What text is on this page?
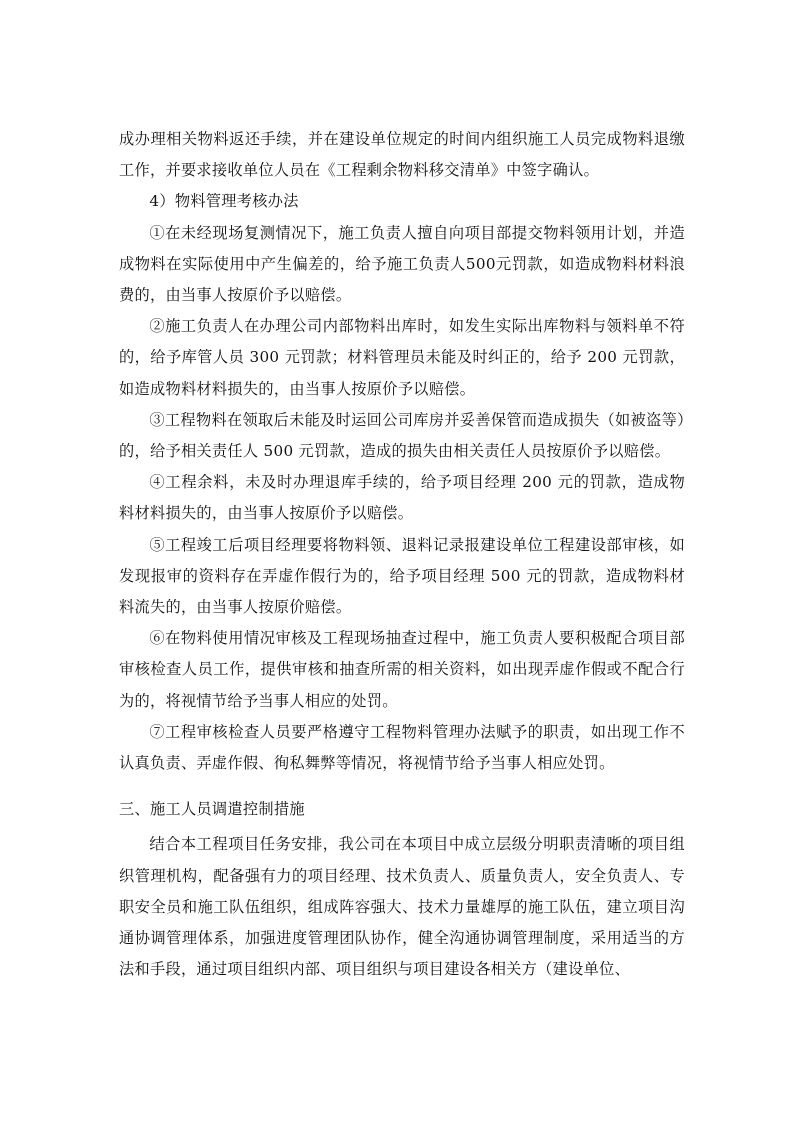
成办理相关物料返还手续，并在建设单位规定的时间内组织施工人员完成物料退缴工作，并要求接收单位人员在《工程剩余物料移交清单》中签字确认。

4）物料管理考核办法

①在未经现场复测情况下，施工负责人擅自向项目部提交物料领用计划，并造成物料在实际使用中产生偏差的，给予施工负责人500元罚款，如造成物料材料浪费的，由当事人按原价予以赔偿。

②施工负责人在办理公司内部物料出库时，如发生实际出库物料与领料单不符的，给予库管人员 300 元罚款；材料管理员未能及时纠正的，给予 200 元罚款，如造成物料材料损失的，由当事人按原价予以赔偿。

③工程物料在领取后未能及时运回公司库房并妥善保管而造成损失（如被盗等）的，给予相关责任人 500 元罚款，造成的损失由相关责任人员按原价予以赔偿。

④工程余料，未及时办理退库手续的，给予项目经理 200 元的罚款，造成物料材料损失的，由当事人按原价予以赔偿。

⑤工程竣工后项目经理要将物料领、退料记录报建设单位工程建设部审核，如发现报审的资料存在弄虚作假行为的，给予项目经理 500 元的罚款，造成物料材料流失的，由当事人按原价赔偿。

⑥在物料使用情况审核及工程现场抽查过程中，施工负责人要积极配合项目部审核检查人员工作，提供审核和抽查所需的相关资料，如出现弄虚作假或不配合行为的，将视情节给予当事人相应的处罚。

⑦工程审核检查人员要严格遵守工程物料管理办法赋予的职责，如出现工作不认真负责、弄虚作假、徇私舞弊等情况，将视情节给予当事人相应处罚。

三、施工人员调遣控制措施

结合本工程项目任务安排，我公司在本项目中成立层级分明职责清晰的项目组织管理机构，配备强有力的项目经理、技术负责人、质量负责人，安全负责人、专职安全员和施工队伍组织，组成阵容强大、技术力量雄厚的施工队伍，建立项目沟通协调管理体系，加强进度管理团队协作，健全沟通协调管理制度，采用适当的方法和手段，通过项目组织内部、项目组织与项目建设各相关方（建设单位、
